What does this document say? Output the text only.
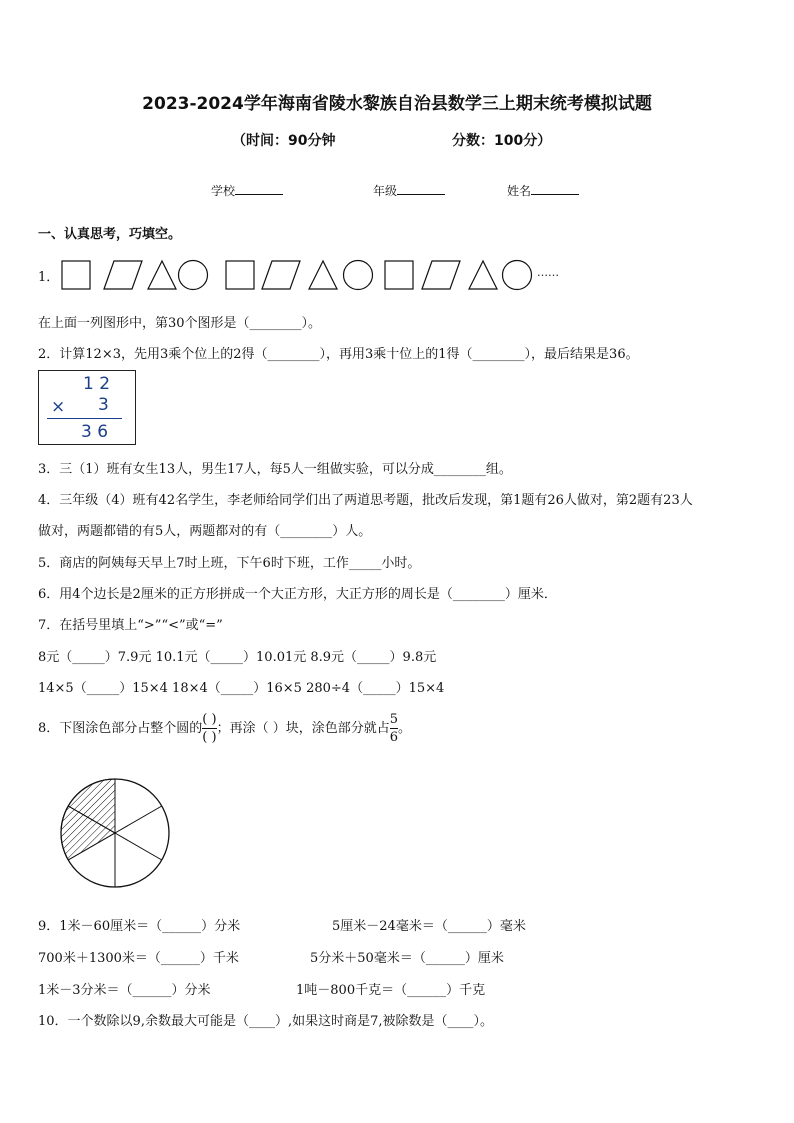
2023-2024学年海南省陵水黎族自治县数学三上期末统考模拟试题
（时间：90分钟	分数：100分）
学校	年级	姓名
一、认真思考，巧填空。
1．	……
在上面一列图形中，第30个图形是（________）。
2．计算12×3，先用3乘个位上的2得（________），再用3乘十位上的1得（________），最后结果是36。
1 2
× 3
3 6
3．三（1）班有女生13人，男生17人，每5人一组做实验，可以分成________组。
4．三年级（4）班有42名学生，李老师给同学们出了两道思考题，批改后发现，第1题有26人做对，第2题有23人
做对，两题都错的有5人，两题都对的有（________）人。
5．商店的阿姨每天早上7时上班，下午6时下班，工作_____小时。
6．用4个边长是2厘米的正方形拼成一个大正方形，大正方形的周长是（________）厘米．
7．在括号里填上“>”“<”或“=”
8元（_____）7.9元 10.1元（_____）10.01元 8.9元（_____）9.8元
14×5（_____）15×4 18×4（_____）16×5 280÷4（_____）15×4
8．下图涂色部分占整个圆的 $\frac{( )}{( )}$；再涂（ ）块，涂色部分就占 $\frac{5}{6}$。
9．1米－60厘米＝（______）分米	5厘米－24毫米＝（______）毫米
700米＋1300米＝（______）千米	5分米＋50毫米＝（______）厘米
1米－3分米＝（______）分米	1吨－800千克＝（______）千克
10．一个数除以9,余数最大可能是（____）,如果这时商是7,被除数是（____）。
